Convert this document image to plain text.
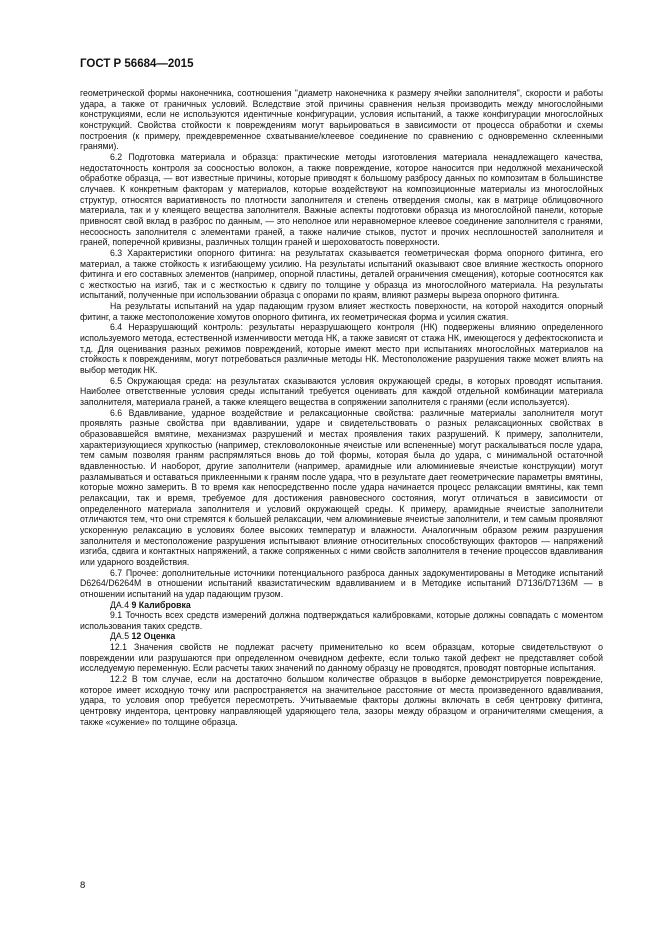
ГОСТ Р 56684—2015

геометрической формы наконечника, соотношения "диаметр наконечника к размеру ячейки заполнителя", скорости и работы удара, а также от граничных условий. Вследствие этой причины сравнения нельзя производить между многослойными конструкциями, если не используются идентичные конфигурации, условия испытаний, а также конфигурации многослойных конструкций. Свойства стойкости к повреждениям могут варьироваться в зависимости от процесса обработки и схемы построения (к примеру, преждевременное схватывание/клеевое соединение по сравнению с одновременно склеенными гранями).

6.2 Подготовка материала и образца: практические методы изготовления материала ненадлежащего качества, недостаточность контроля за соосностью волокон, а также повреждение, которое наносится при недолжной механической обработке образца, — вот известные причины, которые приводят к большому разбросу данных по композитам в большинстве случаев. К конкретным факторам у материалов, которые воздействуют на композиционные материалы из многослойных структур, относятся вариативность по плотности заполнителя и степень отвердения смолы, как в матрице облицовочного материала, так и у клеящего вещества заполнителя. Важные аспекты подготовки образца из многослойной панели, которые привносят свой вклад в разброс по данным, — это неполное или неравномерное клеевое соединение заполнителя с гранями, несоосность заполнителя с элементами граней, а также наличие стыков, пустот и прочих несплошностей заполнителя и граней, поперечной кривизны, различных толщин граней и шероховатость поверхности.

6.3 Характеристики опорного фитинга: на результатах сказывается геометрическая форма опорного фитинга, его материал, а также стойкость к изгибающему усилию. На результаты испытаний оказывают свое влияние жесткость опорного фитинга и его составных элементов (например, опорной пластины, деталей ограничения смещения), которые соотносятся как с жесткостью на изгиб, так и с жесткостью к сдвигу по толщине у образца из многослойного материала. На результаты испытаний, полученные при использовании образца с опорами по краям, влияют размеры выреза опорного фитинга.

На результаты испытаний на удар падающим грузом влияет жесткость поверхности, на которой находится опорный фитинг, а также местоположение хомутов опорного фитинга, их геометрическая форма и усилия сжатия.

6.4 Неразрушающий контроль: результаты неразрушающего контроля (НК) подвержены влиянию определенного используемого метода, естественной изменчивости метода НК, а также зависят от стажа НК, имеющегося у дефектоскописта и т.д. Для оценивания разных режимов повреждений, которые имеют место при испытаниях многослойных материалов на стойкость к повреждениям, могут потребоваться различные методы НК. Местоположение разрушения также может влиять на выбор методик НК.

6.5 Окружающая среда: на результатах сказываются условия окружающей среды, в которых проводят испытания. Наиболее ответственные условия среды испытаний требуется оценивать для каждой отдельной комбинации материала заполнителя, материала граней, а также клеящего вещества в сопряжении заполнителя с гранями (если используется).

6.6 Вдавливание, ударное воздействие и релаксационные свойства: различные материалы заполнителя могут проявлять разные свойства при вдавливании, ударе и свидетельствовать о разных релаксационных свойствах в образовавшейся вмятине, механизмах разрушений и местах проявления таких разрушений. К примеру, заполнители, характеризующиеся хрупкостью (например, стекловолоконные ячеистые или вспененные) могут раскалываться после удара, тем самым позволяя граням распрямляться вновь до той формы, которая была до удара, с минимальной остаточной вдавленностью. И наоборот, другие заполнители (например, арамидные или алюминиевые ячеистые конструкции) могут разламываться и оставаться приклеенными к граням после удара, что в результате дает геометрические параметры вмятины, которые можно замерить. В то время как непосредственно после удара начинается процесс релаксации вмятины, как темп релаксации, так и время, требуемое для достижения равновесного состояния, могут отличаться в зависимости от определенного материала заполнителя и условий окружающей среды. К примеру, арамидные ячеистые заполнители отличаются тем, что они стремятся к большей релаксации, чем алюминиевые ячеистые заполнители, и тем самым проявляют ускоренную релаксацию в условиях более высоких температур и влажности. Аналогичным образом режим разрушения заполнителя и местоположение разрушения испытывают влияние относительных способствующих факторов — напряжений изгиба, сдвига и контактных напряжений, а также сопряженных с ними свойств заполнителя в течение процессов вдавливания или ударного воздействия.

6.7 Прочее: дополнительные источники потенциального разброса данных задокументированы в Методике испытаний D6264/D6264M в отношении испытаний квазистатическим вдавливанием и в Методике испытаний D7136/D7136M — в отношении испытаний на удар падающим грузом.

ДА.4 9 Калибровка

9.1 Точность всех средств измерений должна подтверждаться калибровками, которые должны совпадать с моментом использования таких средств.

ДА.5 12 Оценка

12.1 Значения свойств не подлежат расчету применительно ко всем образцам, которые свидетельствуют о повреждении или разрушаются при определенном очевидном дефекте, если только такой дефект не представляет собой исследуемую переменную. Если расчеты таких значений по данному образцу не проводятся, проводят повторные испытания.

12.2 В том случае, если на достаточно большом количестве образцов в выборке демонстрируется повреждение, которое имеет исходную точку или распространяется на значительное расстояние от места произведенного вдавливания, удара, то условия опор требуется пересмотреть. Учитываемые факторы должны включать в себя центровку фитинга, центровку индентора, центровку направляющей ударяющего тела, зазоры между образцом и ограничителями смещения, а также «сужение» по толщине образца.

8
